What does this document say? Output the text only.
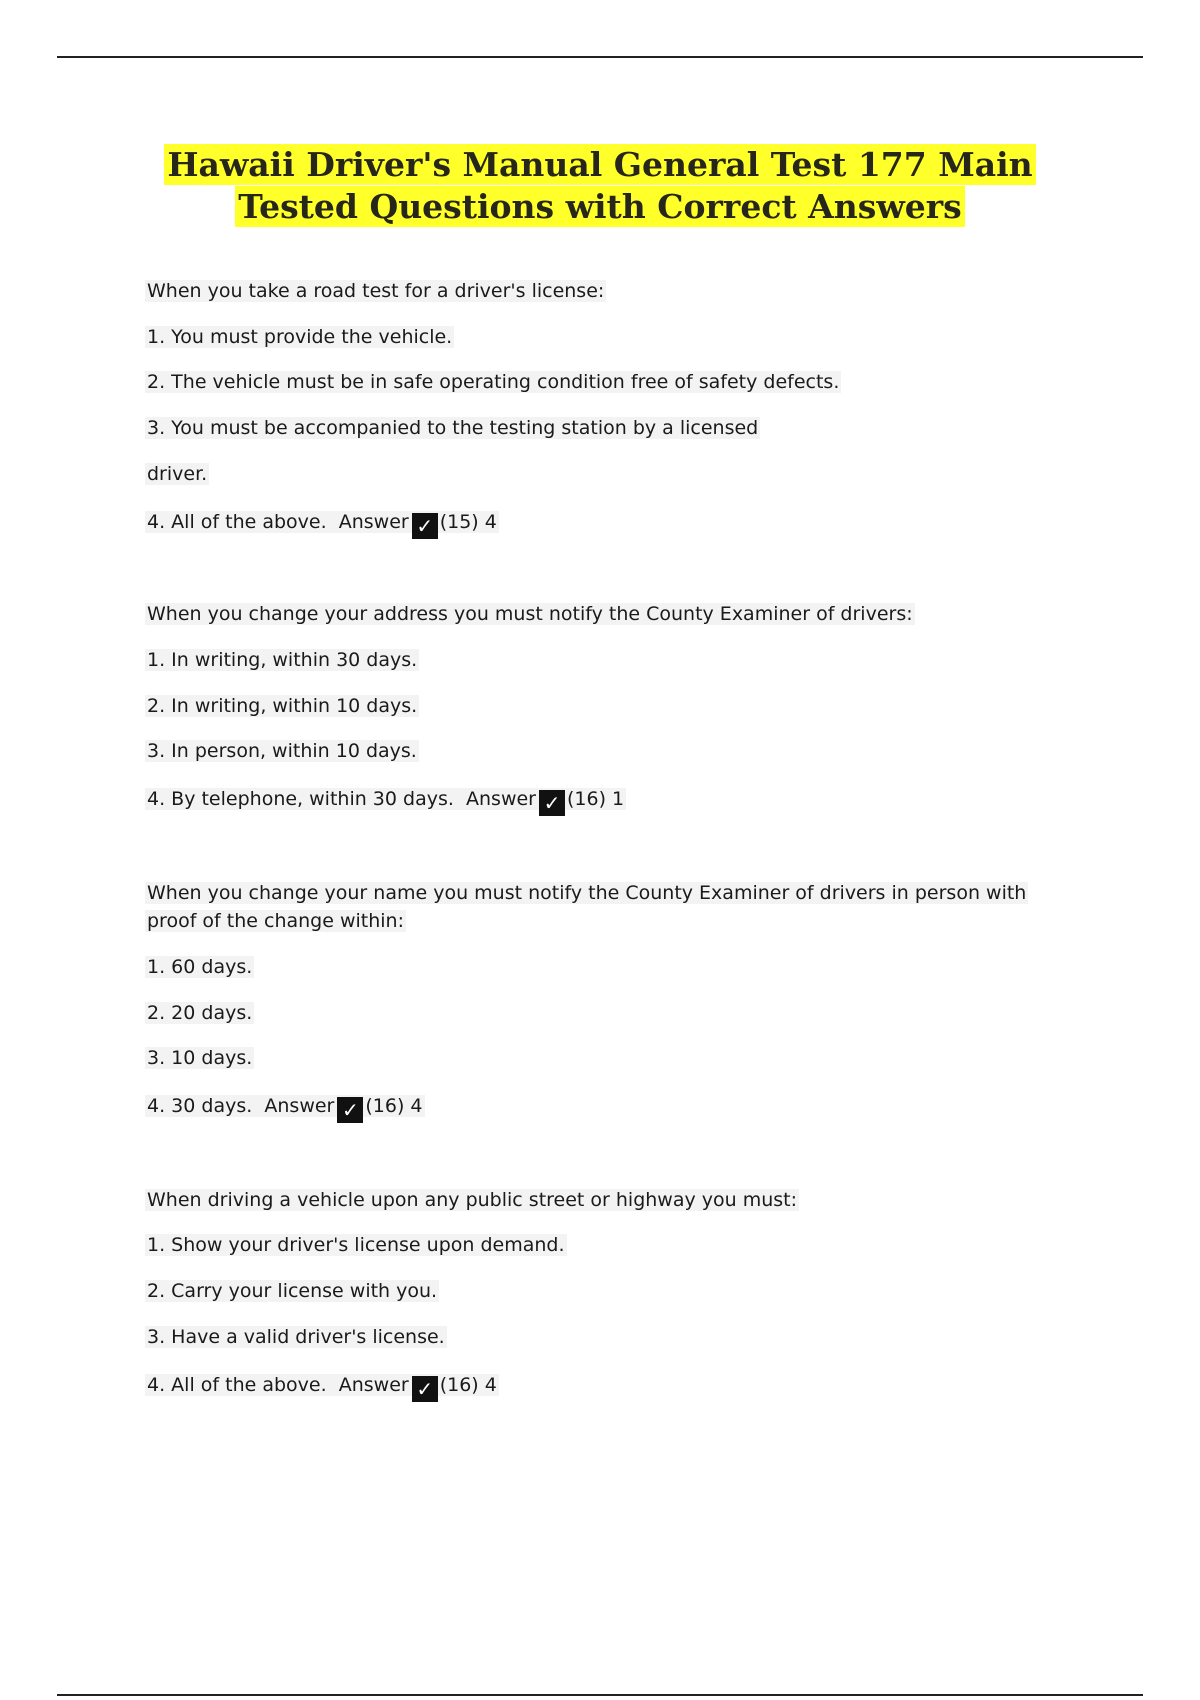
Hawaii Driver's Manual General Test 177 Main Tested Questions with Correct Answers
When you take a road test for a driver's license:
1. You must provide the vehicle.
2. The vehicle must be in safe operating condition free of safety defects.
3. You must be accompanied to the testing station by a licensed
driver.
4. All of the above. Answer ✓ (15) 4
When you change your address you must notify the County Examiner of drivers:
1. In writing, within 30 days.
2. In writing, within 10 days.
3. In person, within 10 days.
4. By telephone, within 30 days. Answer ✓ (16) 1
When you change your name you must notify the County Examiner of drivers in person with proof of the change within:
1. 60 days.
2. 20 days.
3. 10 days.
4. 30 days. Answer ✓ (16) 4
When driving a vehicle upon any public street or highway you must:
1. Show your driver's license upon demand.
2. Carry your license with you.
3. Have a valid driver's license.
4. All of the above. Answer ✓ (16) 4
